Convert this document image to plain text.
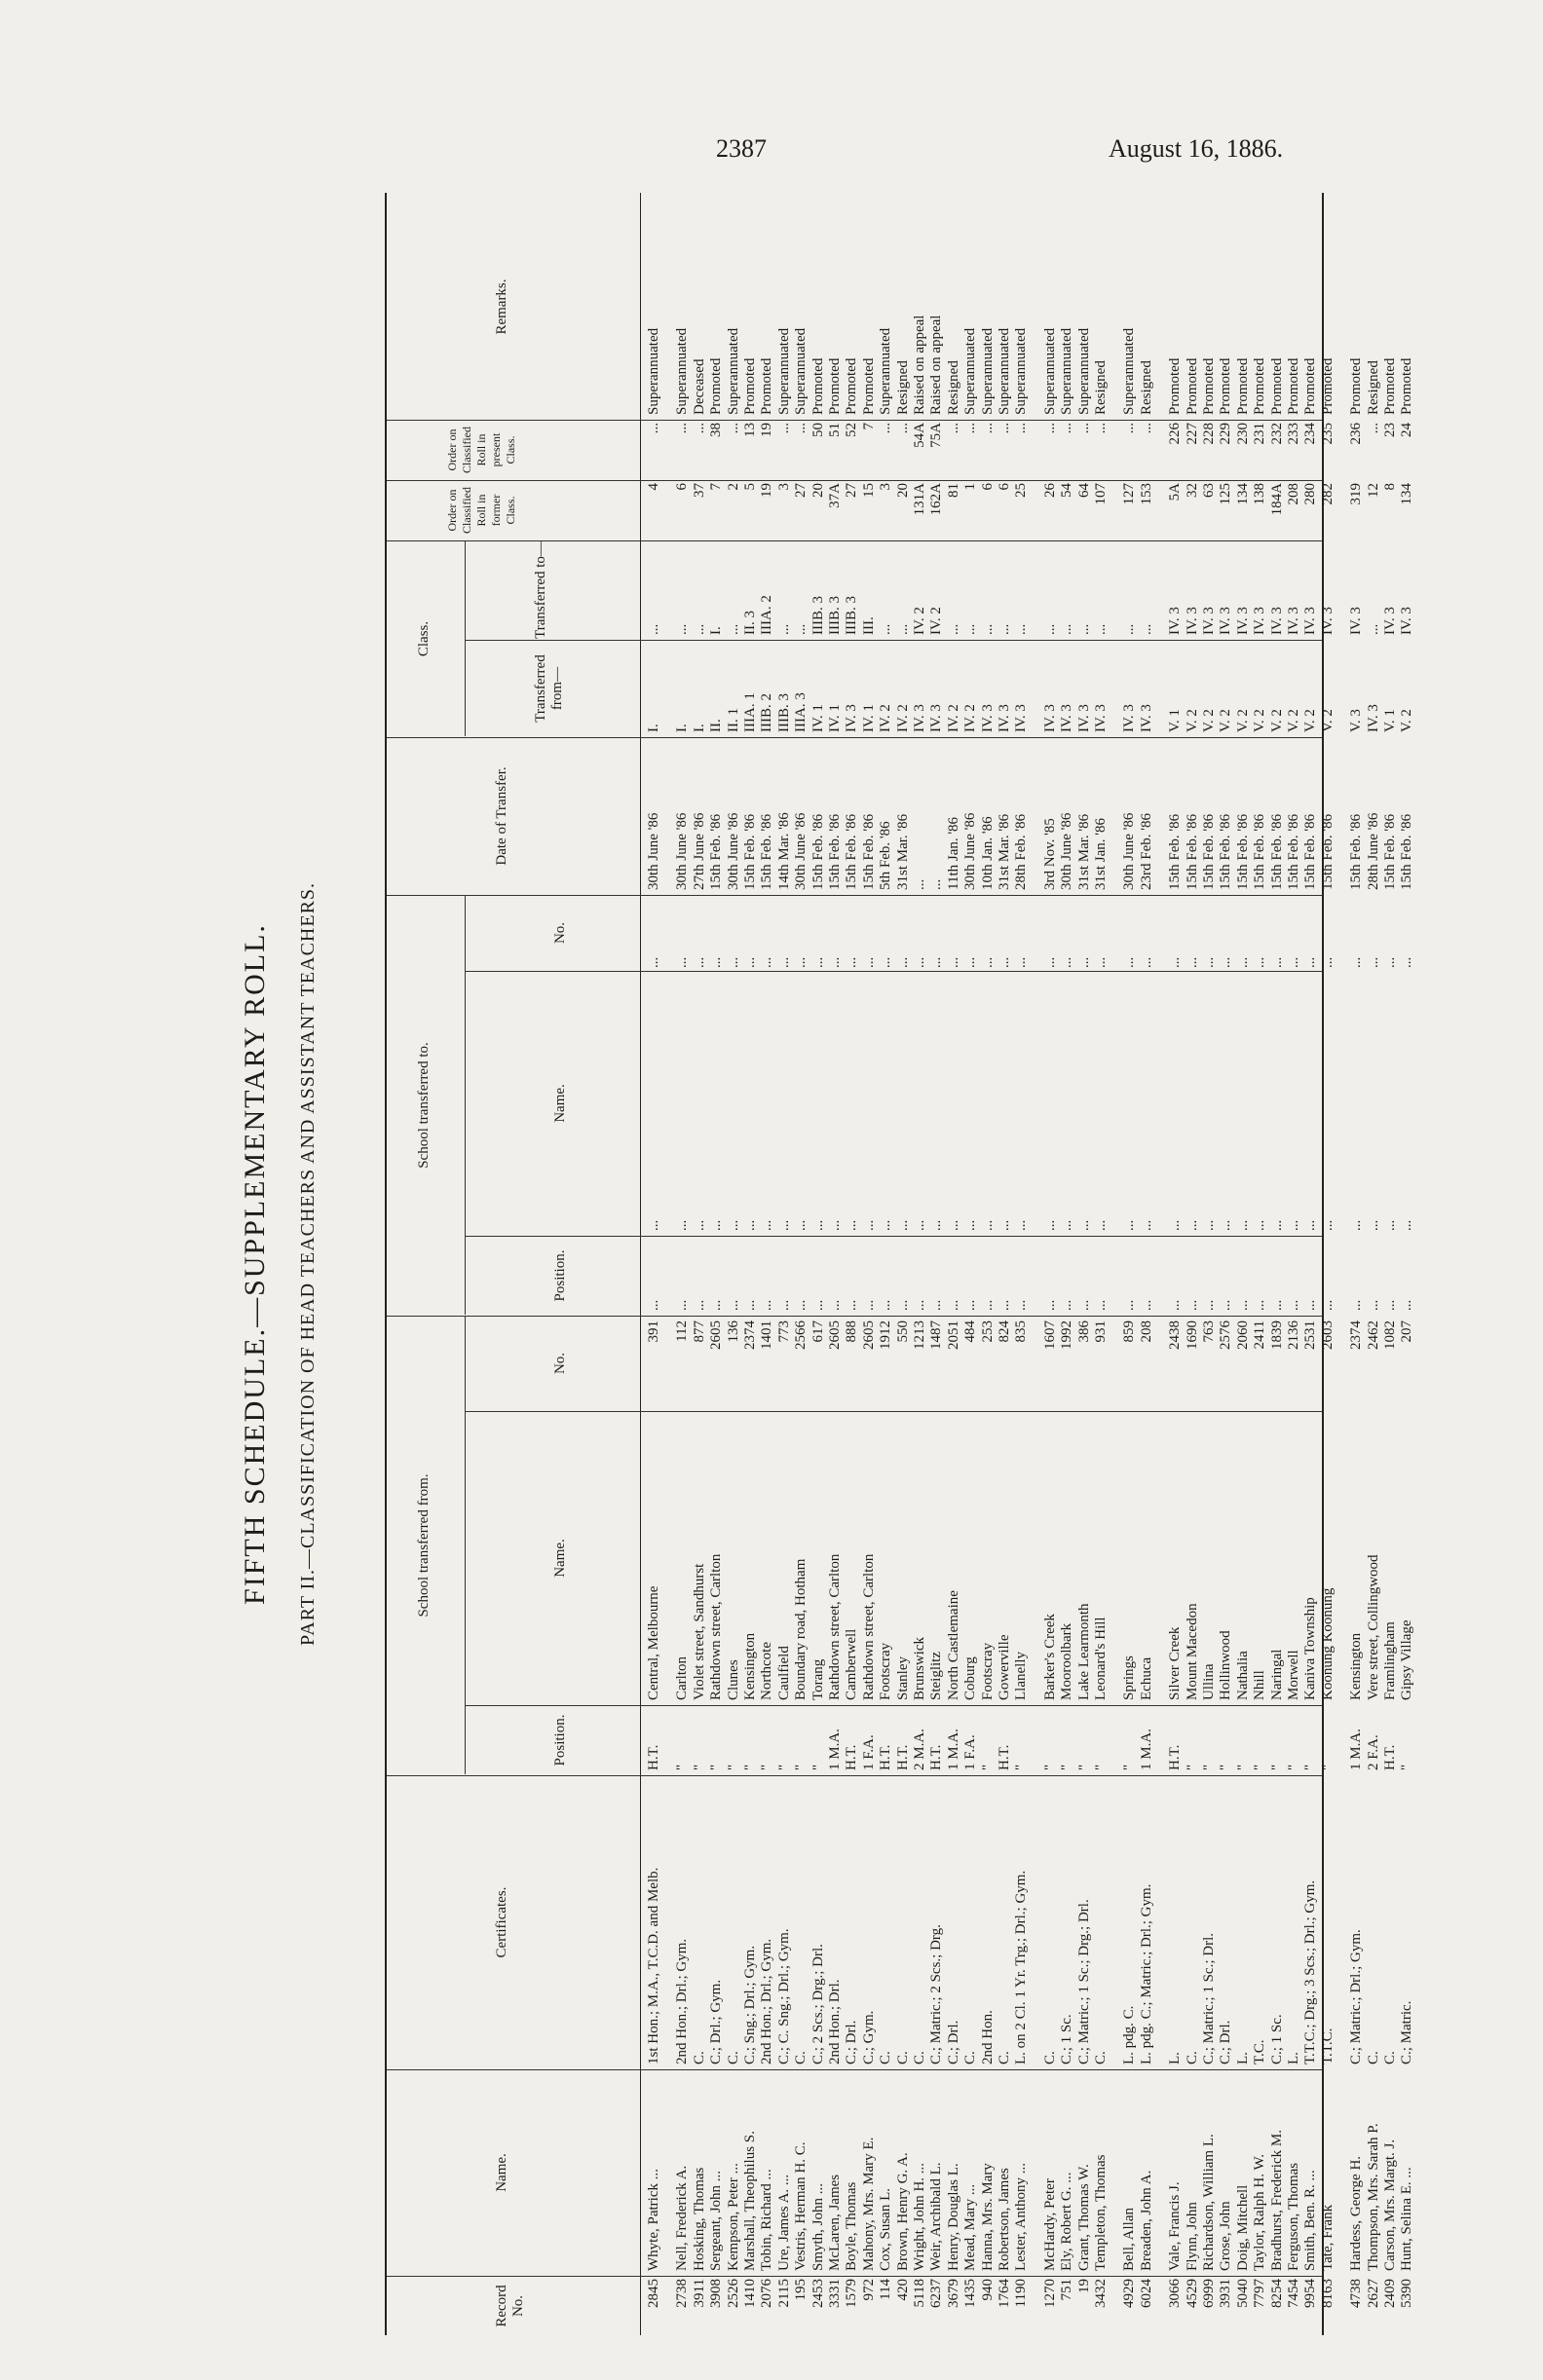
2387	August 16, 1886.
FIFTH SCHEDULE.—SUPPLEMENTARY ROLL. PART II.—CLASSIFICATION OF HEAD TEACHERS AND ASSISTANT TEACHERS.
Record No.
Name.
Certificates.
School transferred from.
Position.
Name.
No.
School transferred to.
Position.
Name.
No.
Date of Transfer.
Class.
Transferred from—
Transferred to—
Order on Classified Roll in former Class.
Order on Classified Roll in present Class.
Remarks.
2845
Whyte, Patrick ...
1st Hon.; M.A., T.C.D. and Melb.
H.T.
Central, Melbourne
391
...
...
...
30th June '86
I.
...
4
...
Superannuated
2738
Nell, Frederick A.
2nd Hon.; Drl.; Gym.
"
Carlton
112
...
...
...
30th June '86
I.
...
6
...
Superannuated
3911
Hosking, Thomas
C.
"
Violet street, Sandhurst
877
...
...
...
27th June '86
I.
...
37
...
Deceased
3908
Sergeant, John ...
C.; Drl.; Gym.
"
Rathdown street, Carlton
2605
...
...
...
15th Feb. '86
II.
I.
7
38
Promoted
2526
Kempson, Peter ...
C.
"
Clunes
136
...
...
...
30th June '86
II. 1
...
2
...
Superannuated
1410
Marshall, Theophilus S.
C.; Sng.; Drl.; Gym.
"
Kensington
2374
...
...
...
15th Feb. '86
IIIA. 1
II. 3
5
13
Promoted
2076
Tobin, Richard ...
2nd Hon.; Drl.; Gym.
"
Northcote
1401
...
...
...
15th Feb. '86
IIIB. 2
IIIA. 2
19
19
Promoted
2115
Ure, James A. ...
C.; C. Sng.; Drl.; Gym.
"
Caulfield
773
...
...
...
14th Mar. '86
IIIB. 3
...
3
...
Superannuated
195
Vestris, Herman H. C.
C.
"
Boundary road, Hotham
2566
...
...
...
30th June '86
IIIA. 3
...
27
...
Superannuated
2453
Smyth, John ...
C.; 2 Scs.; Drg.; Drl.
"
Torang
617
...
...
...
15th Feb. '86
IV. 1
IIIB. 3
20
50
Promoted
3331
McLaren, James
2nd Hon.; Drl.
1 M.A.
Rathdown street, Carlton
2605
...
...
...
15th Feb. '86
IV. 1
IIIB. 3
37A
51
Promoted
1579
Boyle, Thomas
C.; Drl.
H.T.
Camberwell
888
...
...
...
15th Feb. '86
IV. 3
IIIB. 3
27
52
Promoted
972
Mahony, Mrs. Mary E.
C.; Gym.
1 F.A.
Rathdown street, Carlton
2605
...
...
...
15th Feb. '86
IV. 1
III.
15
7
Promoted
114
Cox, Susan L.
C.
H.T.
Footscray
1912
...
...
...
5th Feb. '86
IV. 2
...
3
...
Superannuated
420
Brown, Henry G. A.
C.
H.T.
Stanley
550
...
...
...
31st Mar. '86
IV. 2
...
20
...
Resigned
5118
Wright, John H. ...
C.
2 M.A.
Brunswick
1213
...
...
...
...
IV. 3
IV. 2
131A
54A
Raised on appeal
6237
Weir, Archibald L.
C.; Matric.; 2 Scs.; Drg.
H.T.
Steiglitz
1487
...
...
...
...
IV. 3
IV. 2
162A
75A
Raised on appeal
3679
Henry, Douglas L.
C.; Drl.
1 M.A.
North Castlemaine
2051
...
...
...
11th Jan. '86
IV. 2
...
81
...
Resigned
1435
Mead, Mary ...
C.
1 F.A.
Coburg
484
...
...
...
30th June '86
IV. 2
...
1
...
Superannuated
940
Hanna, Mrs. Mary
2nd Hon.
"
Footscray
253
...
...
...
10th Jan. '86
IV. 3
...
6
...
Superannuated
1764
Robertson, James
C.
H.T.
Gowerville
824
...
...
...
31st Mar. '86
IV. 3
...
6
...
Superannuated
1190
Lester, Anthony ...
L. on 2 Cl. 1 Yr. Trg.; Drl.; Gym.
"
Llanelly
835
...
...
...
28th Feb. '86
IV. 3
...
25
...
Superannuated
1270
McHardy, Peter
C.
"
Barker's Creek
1607
...
...
...
3rd Nov. '85
IV. 3
...
26
...
Superannuated
751
Ely, Robert G. ...
C.; 1 Sc.
"
Mooroolbark
1992
...
...
...
30th June '86
IV. 3
...
54
...
Superannuated
19
Grant, Thomas W.
C.; Matric.; 1 Sc.; Drg.; Drl.
"
Lake Learmonth
386
...
...
...
31st Mar. '86
IV. 3
...
64
...
Superannuated
3432
Templeton, Thomas
C.
"
Leonard's Hill
931
...
...
...
31st Jan. '86
IV. 3
...
107
...
Resigned
4929
Bell, Allan
L. pdg. C.
"
Springs
859
...
...
...
30th June '86
IV. 3
...
127
...
Superannuated
6024
Breaden, John A.
L. pdg. C.; Matric.; Drl.; Gym.
1 M.A.
Echuca
208
...
...
...
23rd Feb. '86
IV. 3
...
153
...
Resigned
3066
Vale, Francis J.
L.
H.T.
Silver Creek
2438
...
...
...
15th Feb. '86
V. 1
IV. 3
5A
226
Promoted
4529
Flynn, John
C.
"
Mount Macedon
1690
...
...
...
15th Feb. '86
V. 2
IV. 3
32
227
Promoted
6999
Richardson, William L.
C.; Matric.; 1 Sc.; Drl.
"
Ullina
763
...
...
...
15th Feb. '86
V. 2
IV. 3
63
228
Promoted
3931
Grose, John
C.; Drl.
"
Hollinwood
2576
...
...
...
15th Feb. '86
V. 2
IV. 3
125
229
Promoted
5040
Doig, Mitchell
L.
"
Nathalia
2060
...
...
...
15th Feb. '86
V. 2
IV. 3
134
230
Promoted
7797
Taylor, Ralph H. W.
T.C.
"
Nhill
2411
...
...
...
15th Feb. '86
V. 2
IV. 3
138
231
Promoted
8254
Bradhurst, Frederick M.
C.; 1 Sc.
"
Naringal
1839
...
...
...
15th Feb. '86
V. 2
IV. 3
184A
232
Promoted
7454
Ferguson, Thomas
L.
"
Morwell
2136
...
...
...
15th Feb. '86
V. 2
IV. 3
208
233
Promoted
9954
Smith, Ben. R. ...
T.T.C.; Drg.; 3 Scs.; Drl.; Gym.
"
Kaniva Township
2531
...
...
...
15th Feb. '86
V. 2
IV. 3
280
234
Promoted
8163
Tate, Frank
T.T.C.
"
Koonung Koonung
2603
...
...
...
15th Feb. '86
V. 2
IV. 3
282
235
Promoted
4738
Hardess, George H.
C.; Matric.; Drl.; Gym.
1 M.A.
Kensington
2374
...
...
...
15th Feb. '86
V. 3
IV. 3
319
236
Promoted
2627
Thompson, Mrs. Sarah P.
C.
2 F.A.
Vere street, Collingwood
2462
...
...
...
28th June '86
IV. 3
...
12
...
Resigned
2409
Carson, Mrs. Margt. J.
C.
H.T.
Framlingham
1082
...
...
...
15th Feb. '86
V. 1
IV. 3
8
23
Promoted
5390
Hunt, Selina E. ...
C.; Matric.
"
Gipsy Village
207
...
...
...
15th Feb. '86
V. 2
IV. 3
134
24
Promoted
